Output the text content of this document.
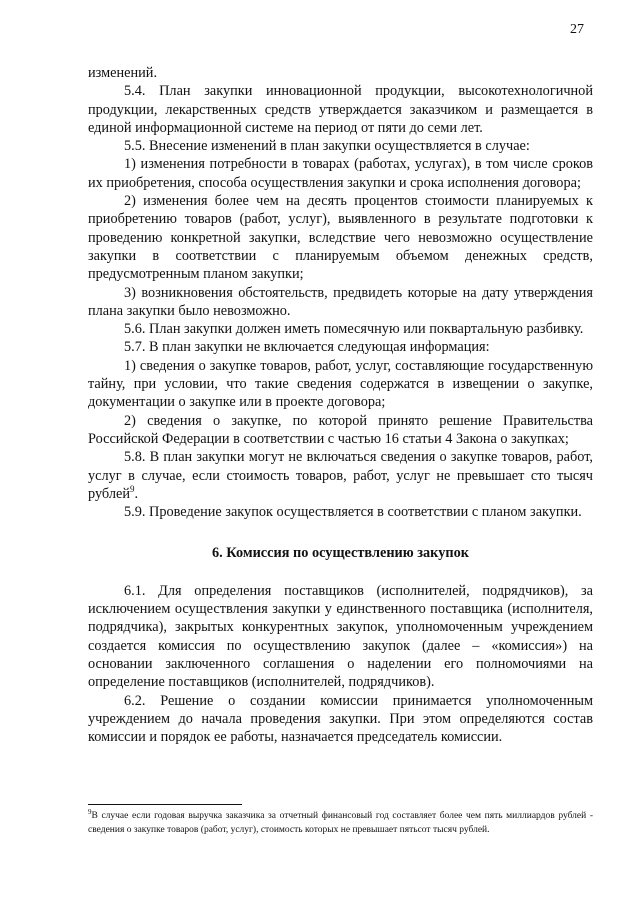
27

изменений.

5.4. План закупки инновационной продукции, высокотехнологичной продукции, лекарственных средств утверждается заказчиком и размещается в единой информационной системе на период от пяти до семи лет.

5.5. Внесение изменений в план закупки осуществляется в случае:

1) изменения потребности в товарах (работах, услугах), в том числе сроков их приобретения, способа осуществления закупки и срока исполнения договора;

2) изменения более чем на десять процентов стоимости планируемых к приобретению товаров (работ, услуг), выявленного в результате подготовки к проведению конкретной закупки, вследствие чего невозможно осуществление закупки в соответствии с планируемым объемом денежных средств, предусмотренным планом закупки;

3) возникновения обстоятельств, предвидеть которые на дату утверждения плана закупки было невозможно.

5.6. План закупки должен иметь помесячную или поквартальную разбивку.

5.7. В план закупки не включается следующая информация:

1) сведения о закупке товаров, работ, услуг, составляющие государственную тайну, при условии, что такие сведения содержатся в извещении о закупке, документации о закупке или в проекте договора;

2) сведения о закупке, по которой принято решение Правительства Российской Федерации в соответствии с частью 16 статьи 4 Закона о закупках;

5.8. В план закупки могут не включаться сведения о закупке товаров, работ, услуг в случае, если стоимость товаров, работ, услуг не превышает сто тысяч рублей$^9$.

5.9. Проведение закупок осуществляется в соответствии с планом закупки.

6. Комиссия по осуществлению закупок

6.1. Для определения поставщиков (исполнителей, подрядчиков), за исключением осуществления закупки у единственного поставщика (исполнителя, подрядчика), закрытых конкурентных закупок, уполномоченным учреждением создается комиссия по осуществлению закупок (далее – «комиссия») на основании заключенного соглашения о наделении его полномочиями на определение поставщиков (исполнителей, подрядчиков).

6.2. Решение о создании комиссии принимается уполномоченным учреждением до начала проведения закупки. При этом определяются состав комиссии и порядок ее работы, назначается председатель комиссии.

$^9$В случае если годовая выручка заказчика за отчетный финансовый год составляет более чем пять миллиардов рублей - сведения о закупке товаров (работ, услуг), стоимость которых не превышает пятьсот тысяч рублей.
